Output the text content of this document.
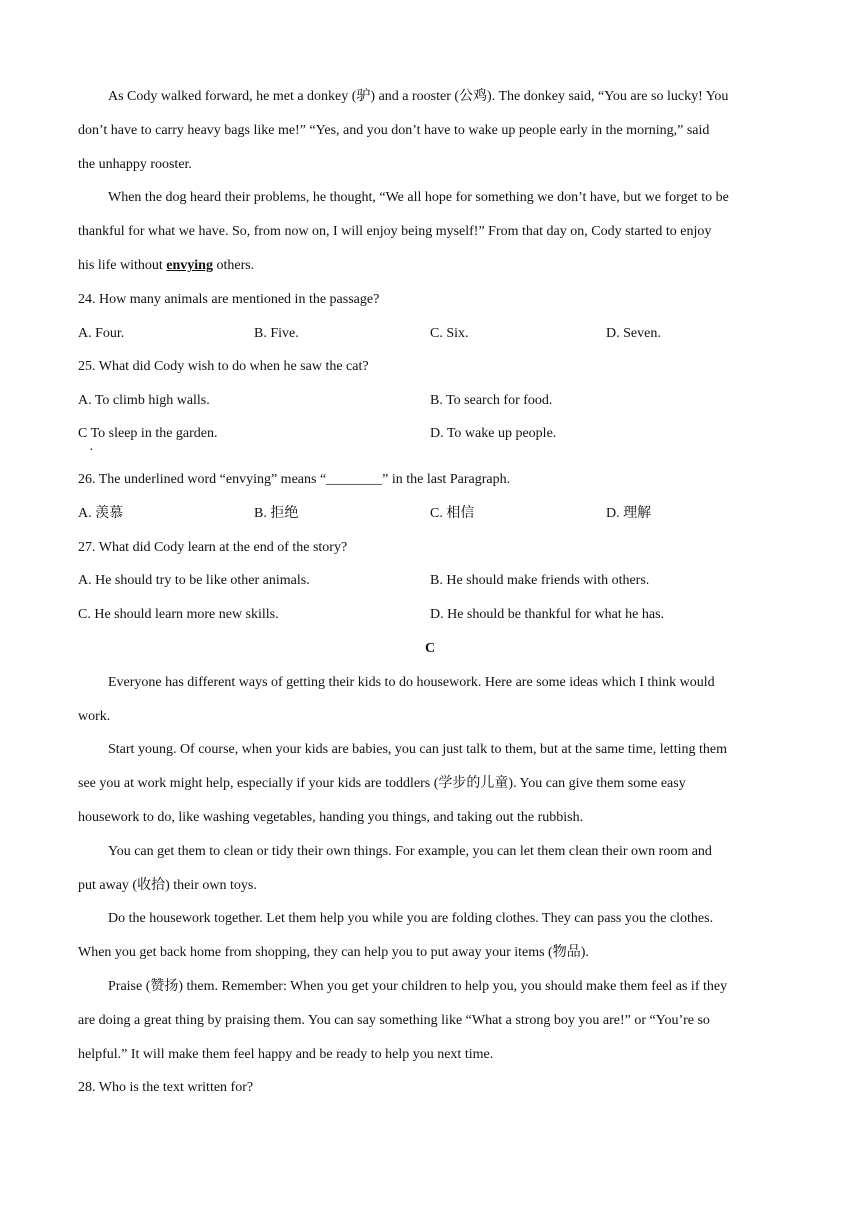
As Cody walked forward, he met a donkey (驴) and a rooster (公鸡). The donkey said, “You are so lucky! You
don’t have to carry heavy bags like me!” “Yes, and you don’t have to wake up people early in the morning,” said
the unhappy rooster.
When the dog heard their problems, he thought, “We all hope for something we don’t have, but we forget to be
thankful for what we have. So, from now on, I will enjoy being myself!” From that day on, Cody started to enjoy
his life without envying others.
24. How many animals are mentioned in the passage?
A. Four.	B. Five.	C. Six.	D. Seven.
25. What did Cody wish to do when he saw the cat?
A. To climb high walls.	B. To search for food.
C To sleep in the garden.	D. To wake up people.
·
26. The underlined word “envying” means “________” in the last Paragraph.
A. 羡慕	B. 拒绝	C. 相信	D. 理解
27. What did Cody learn at the end of the story?
A. He should try to be like other animals.	B. He should make friends with others.
C. He should learn more new skills.	D. He should be thankful for what he has.
C
Everyone has different ways of getting their kids to do housework. Here are some ideas which I think would
work.
Start young. Of course, when your kids are babies, you can just talk to them, but at the same time, letting them
see you at work might help, especially if your kids are toddlers (学步的儿童). You can give them some easy
housework to do, like washing vegetables, handing you things, and taking out the rubbish.
You can get them to clean or tidy their own things. For example, you can let them clean their own room and
put away (收拾) their own toys.
Do the housework together. Let them help you while you are folding clothes. They can pass you the clothes.
When you get back home from shopping, they can help you to put away your items (物品).
Praise (赞扬) them. Remember: When you get your children to help you, you should make them feel as if they
are doing a great thing by praising them. You can say something like “What a strong boy you are!” or “You’re so
helpful.” It will make them feel happy and be ready to help you next time.
28. Who is the text written for?
